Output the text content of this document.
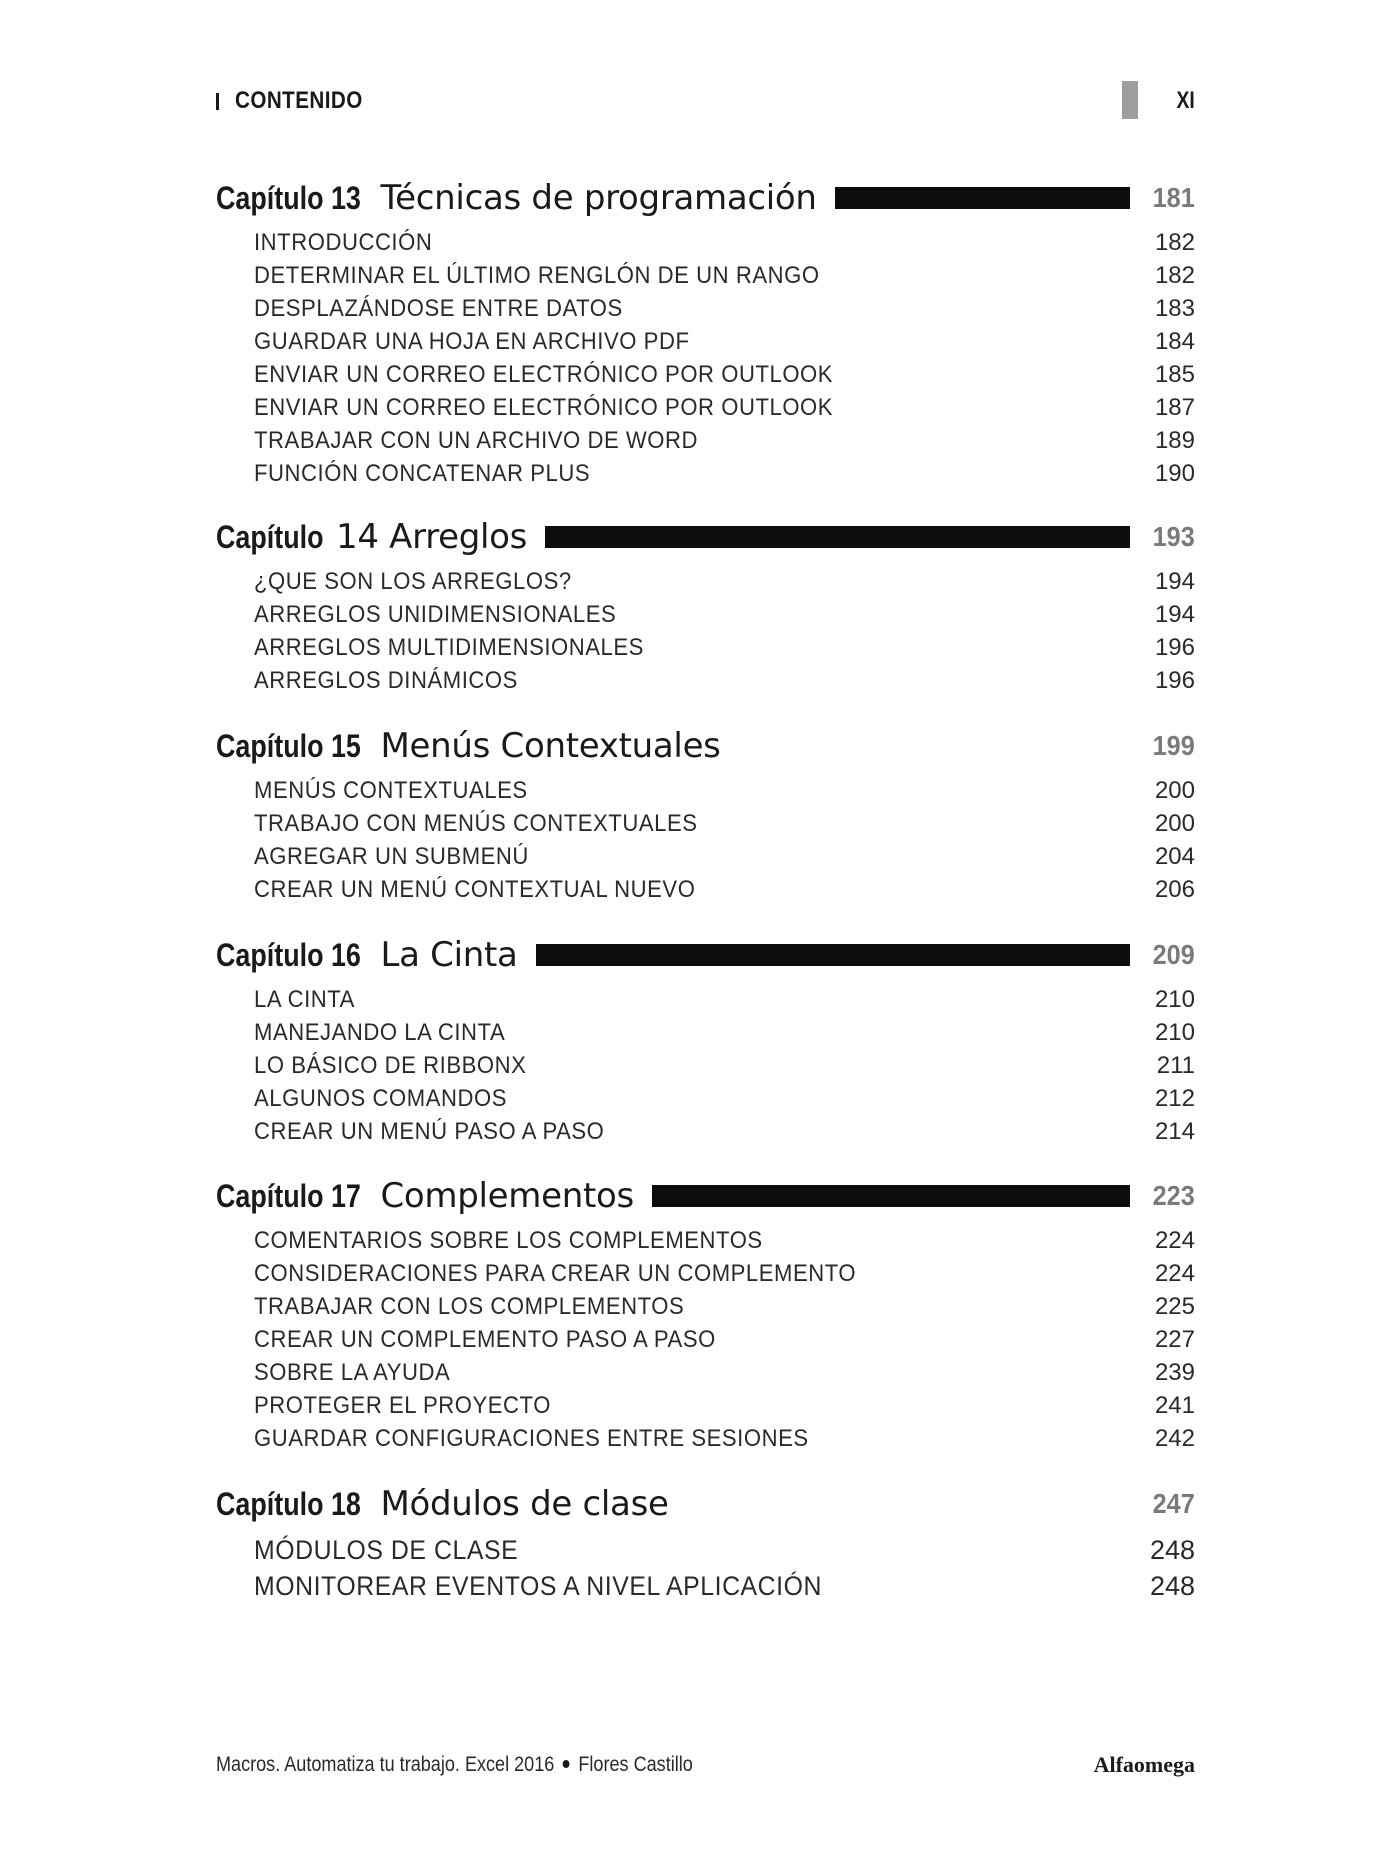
CONTENIDO	XI
Capítulo 13 Técnicas de programación	181
INTRODUCCIÓN	182
DETERMINAR EL ÚLTIMO RENGLÓN DE UN RANGO	182
DESPLAZÁNDOSE ENTRE DATOS	183
GUARDAR UNA HOJA EN ARCHIVO PDF	184
ENVIAR UN CORREO ELECTRÓNICO POR OUTLOOK	185
ENVIAR UN CORREO ELECTRÓNICO POR OUTLOOK	187
TRABAJAR CON UN ARCHIVO DE WORD	189
FUNCIÓN CONCATENAR PLUS	190
Capítulo 14 Arreglos	193
¿QUE SON LOS ARREGLOS?	194
ARREGLOS UNIDIMENSIONALES	194
ARREGLOS MULTIDIMENSIONALES	196
ARREGLOS DINÁMICOS	196
Capítulo 15 Menús Contextuales	199
MENÚS CONTEXTUALES	200
TRABAJO CON MENÚS CONTEXTUALES	200
AGREGAR UN SUBMENÚ	204
CREAR UN MENÚ CONTEXTUAL NUEVO	206
Capítulo 16 La Cinta	209
LA CINTA	210
MANEJANDO LA CINTA	210
LO BÁSICO DE RIBBONX	211
ALGUNOS COMANDOS	212
CREAR UN MENÚ PASO A PASO	214
Capítulo 17 Complementos	223
COMENTARIOS SOBRE LOS COMPLEMENTOS	224
CONSIDERACIONES PARA CREAR UN COMPLEMENTO	224
TRABAJAR CON LOS COMPLEMENTOS	225
CREAR UN COMPLEMENTO PASO A PASO	227
SOBRE LA AYUDA	239
PROTEGER EL PROYECTO	241
GUARDAR CONFIGURACIONES ENTRE SESIONES	242
Capítulo 18 Módulos de clase	247
MÓDULOS DE CLASE	248
MONITOREAR EVENTOS A NIVEL APLICACIÓN	248
Macros. Automatiza tu trabajo. Excel 2016 Flores Castillo	Alfaomega
